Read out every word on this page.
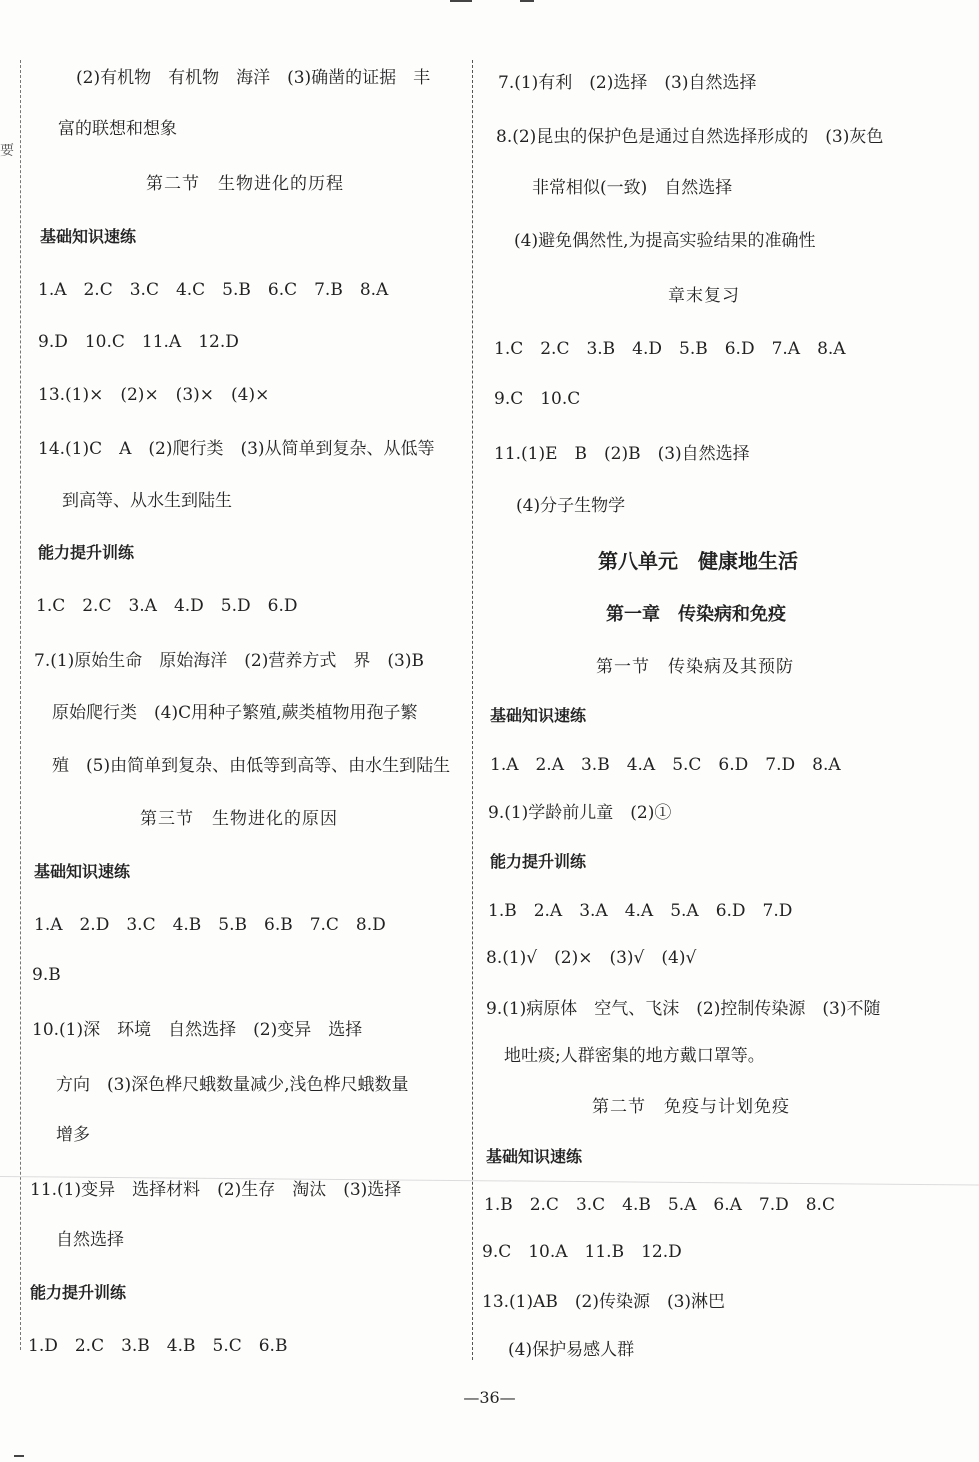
要
(2)有机物　有机物　海洋　(3)确凿的证据　丰
富的联想和想象
第二节　生物进化的历程
基础知识速练
1.A　2.C　3.C　4.C　5.B　6.C　7.B　8.A
9.D　10.C　11.A　12.D
13.(1)×　(2)×　(3)×　(4)×
14.(1)C　A　(2)爬行类　(3)从简单到复杂、从低等
到高等、从水生到陆生
能力提升训练
1.C　2.C　3.A　4.D　5.D　6.D
7.(1)原始生命　原始海洋　(2)营养方式　界　(3)B
原始爬行类　(4)C用种子繁殖,蕨类植物用孢子繁
殖　(5)由简单到复杂、由低等到高等、由水生到陆生
第三节　生物进化的原因
基础知识速练
1.A　2.D　3.C　4.B　5.B　6.B　7.C　8.D
9.B
10.(1)深　环境　自然选择　(2)变异　选择
方向　(3)深色桦尺蛾数量减少,浅色桦尺蛾数量
增多
11.(1)变异　选择材料　(2)生存　淘汰　(3)选择
自然选择
能力提升训练
1.D　2.C　3.B　4.B　5.C　6.B
7.(1)有利　(2)选择　(3)自然选择
8.(2)昆虫的保护色是通过自然选择形成的　(3)灰色
非常相似(一致)　自然选择
(4)避免偶然性,为提高实验结果的准确性
章末复习
1.C　2.C　3.B　4.D　5.B　6.D　7.A　8.A
9.C　10.C
11.(1)E　B　(2)B　(3)自然选择
(4)分子生物学
第八单元　健康地生活
第一章　传染病和免疫
第一节　传染病及其预防
基础知识速练
1.A　2.A　3.B　4.A　5.C　6.D　7.D　8.A
9.(1)学龄前儿童　(2)①
能力提升训练
1.B　2.A　3.A　4.A　5.A　6.D　7.D
8.(1)√　(2)×　(3)√　(4)√
9.(1)病原体　空气、飞沫　(2)控制传染源　(3)不随
地吐痰;人群密集的地方戴口罩等。
第二节　免疫与计划免疫
基础知识速练
1.B　2.C　3.C　4.B　5.A　6.A　7.D　8.C
9.C　10.A　11.B　12.D
13.(1)AB　(2)传染源　(3)淋巴
(4)保护易感人群
—36—
